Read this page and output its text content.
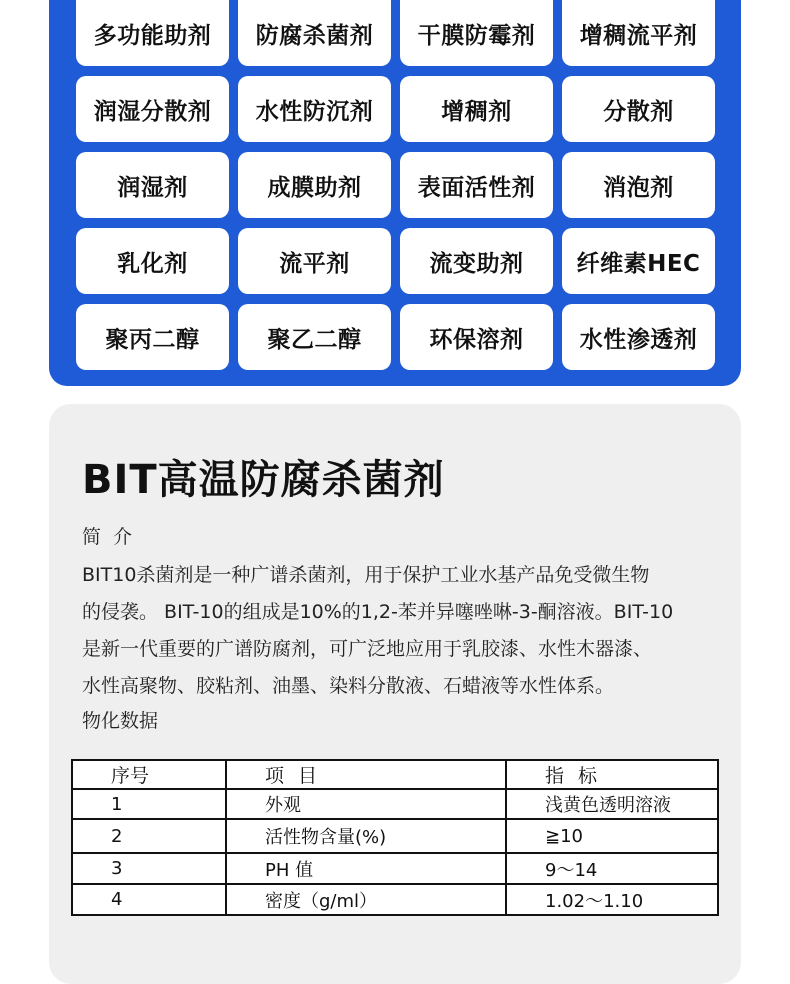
多功能助剂	防腐杀菌剂	干膜防霉剂	增稠流平剂
润湿分散剂	水性防沉剂	增稠剂	分散剂
润湿剂	成膜助剂	表面活性剂	消泡剂
乳化剂	流平剂	流变助剂	纤维素HEC
聚丙二醇	聚乙二醇	环保溶剂	水性渗透剂
BIT高温防腐杀菌剂
简介
BIT10杀菌剂是一种广谱杀菌剂，用于保护工业水基产品免受微生物
的侵袭。 BIT-10的组成是10%的1,2-苯并异噻唑啉-3-酮溶液。BIT-10
是新一代重要的广谱防腐剂，可广泛地应用于乳胶漆、水性木器漆、
水性高聚物、胶粘剂、油墨、染料分散液、石蜡液等水性体系。
物化数据
序号	项目	指标
1	外观	浅黄色透明溶液
2	活性物含量(%)	≧10
3	PH 值	9～14
4	密度（g/ml）	1.02～1.10
